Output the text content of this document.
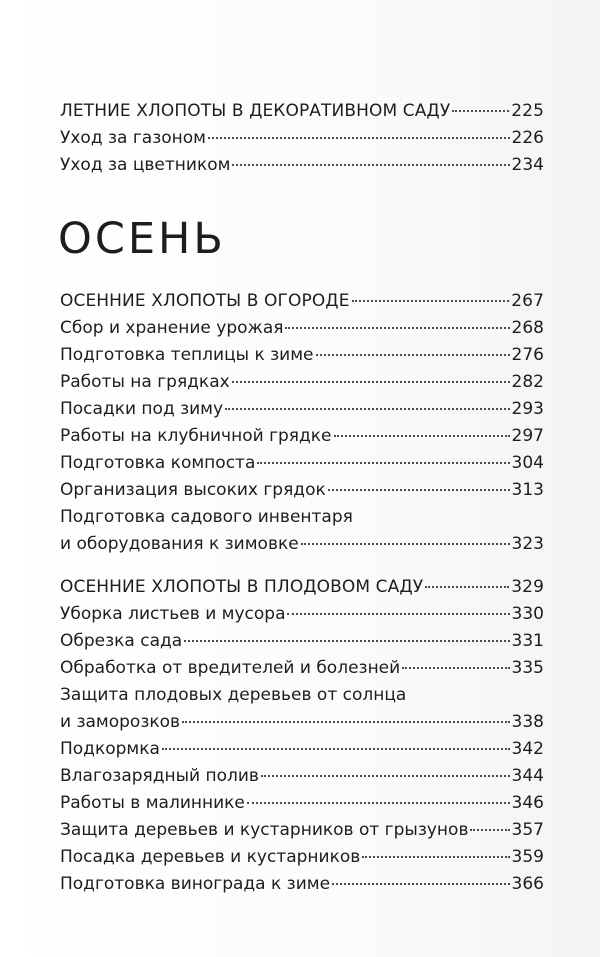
ЛЕТНИЕ ХЛОПОТЫ В ДЕКОРАТИВНОМ САДУ	225
Уход за газоном	226
Уход за цветником	234
ОСЕНЬ
ОСЕННИЕ ХЛОПОТЫ В ОГОРОДЕ	267
Сбор и хранение урожая	268
Подготовка теплицы к зиме	276
Работы на грядках	282
Посадки под зиму	293
Работы на клубничной грядке	297
Подготовка компоста	304
Организация высоких грядок	313
Подготовка садового инвентаря
и оборудования к зимовке	323
ОСЕННИЕ ХЛОПОТЫ В ПЛОДОВОМ САДУ	329
Уборка листьев и мусора	330
Обрезка сада	331
Обработка от вредителей и болезней	335
Защита плодовых деревьев от солнца
и заморозков	338
Подкормка	342
Влагозарядный полив	344
Работы в малиннике	346
Защита деревьев и кустарников от грызунов	357
Посадка деревьев и кустарников	359
Подготовка винограда к зиме	366
